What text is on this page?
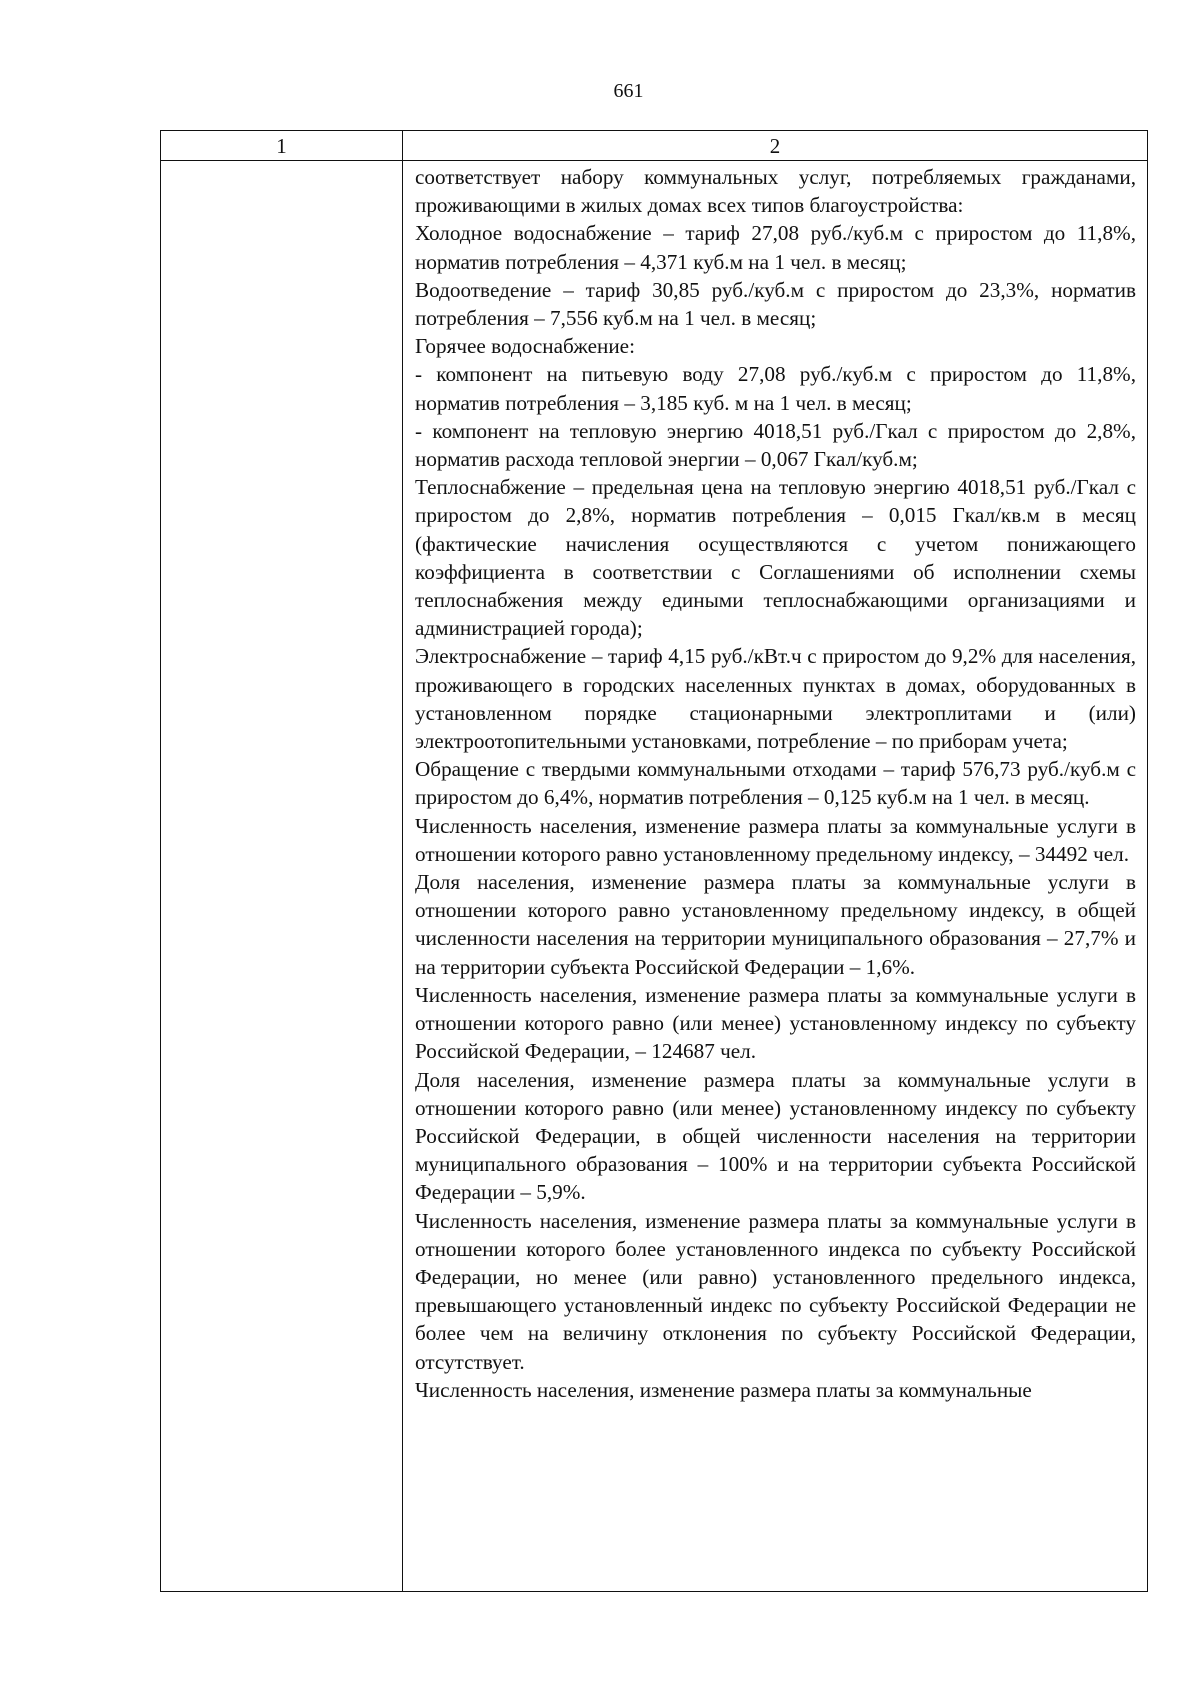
661
1	2

соответствует набору коммунальных услуг, потребляемых гражданами, проживающими в жилых домах всех типов благоустройства:

Холодное водоснабжение – тариф 27,08 руб./куб.м с приростом до 11,8%, норматив потребления – 4,371 куб.м на 1 чел. в месяц;

Водоотведение – тариф 30,85 руб./куб.м с приростом до 23,3%, норматив потребления – 7,556 куб.м на 1 чел. в месяц;

Горячее водоснабжение:

- компонент на питьевую воду 27,08 руб./куб.м с приростом до 11,8%, норматив потребления – 3,185 куб. м на 1 чел. в месяц;

- компонент на тепловую энергию 4018,51 руб./Гкал с приростом до 2,8%, норматив расхода тепловой энергии – 0,067 Гкал/куб.м;

Теплоснабжение – предельная цена на тепловую энергию 4018,51 руб./Гкал с приростом до 2,8%, норматив потребления – 0,015 Гкал/кв.м в месяц (фактические начисления осуществляются с учетом понижающего коэффициента в соответствии с Соглашениями об исполнении схемы теплоснабжения между едиными теплоснабжающими организациями и администрацией города);

Электроснабжение – тариф 4,15 руб./кВт.ч с приростом до 9,2% для населения, проживающего в городских населенных пунктах в домах, оборудованных в установленном порядке стационарными электроплитами и (или) электроотопительными установками, потребление – по приборам учета;

Обращение с твердыми коммунальными отходами – тариф 576,73 руб./куб.м с приростом до 6,4%, норматив потребления – 0,125 куб.м на 1 чел. в месяц.

Численность населения, изменение размера платы за коммунальные услуги в отношении которого равно установленному предельному индексу, – 34492 чел.

Доля населения, изменение размера платы за коммунальные услуги в отношении которого равно установленному предельному индексу, в общей численности населения на территории муниципального образования – 27,7% и на территории субъекта Российской Федерации – 1,6%.

Численность населения, изменение размера платы за коммунальные услуги в отношении которого равно (или менее) установленному индексу по субъекту Российской Федерации, – 124687 чел.

Доля населения, изменение размера платы за коммунальные услуги в отношении которого равно (или менее) установленному индексу по субъекту Российской Федерации, в общей численности населения на территории муниципального образования – 100% и на территории субъекта Российской Федерации – 5,9%.

Численность населения, изменение размера платы за коммунальные услуги в отношении которого более установленного индекса по субъекту Российской Федерации, но менее (или равно) установленного предельного индекса, превышающего установленный индекс по субъекту Российской Федерации не более чем на величину отклонения по субъекту Российской Федерации, отсутствует.

Численность населения, изменение размера платы за коммунальные
